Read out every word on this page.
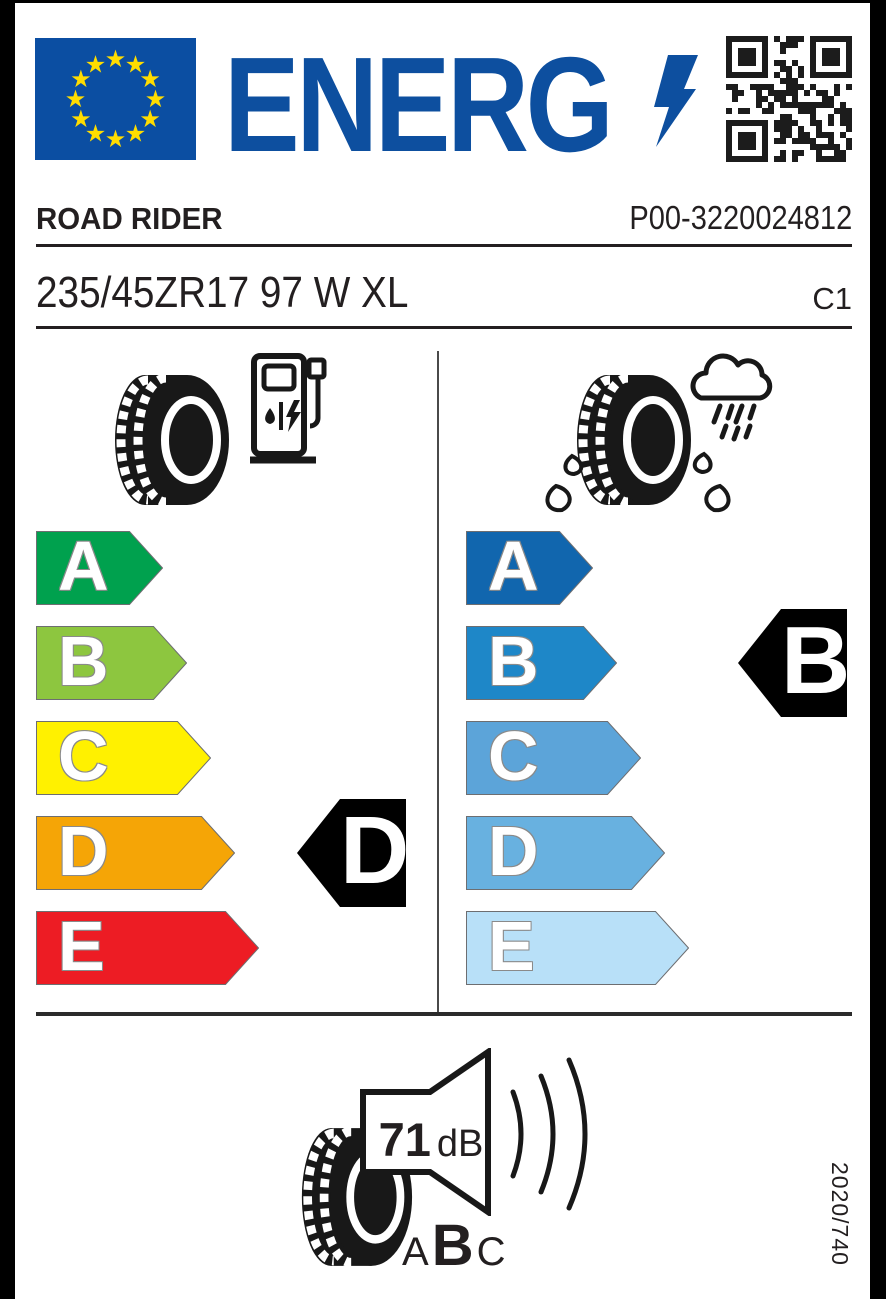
★
★
★
★
★
★
★
★
★
★
★
★ ENERG
ROAD RIDER	P00-3220024812
235/45ZR17 97 W XL	C1
A
B
C
D
E
D
A
B
C
D
E
B
71 dB
A B C	2020/740
